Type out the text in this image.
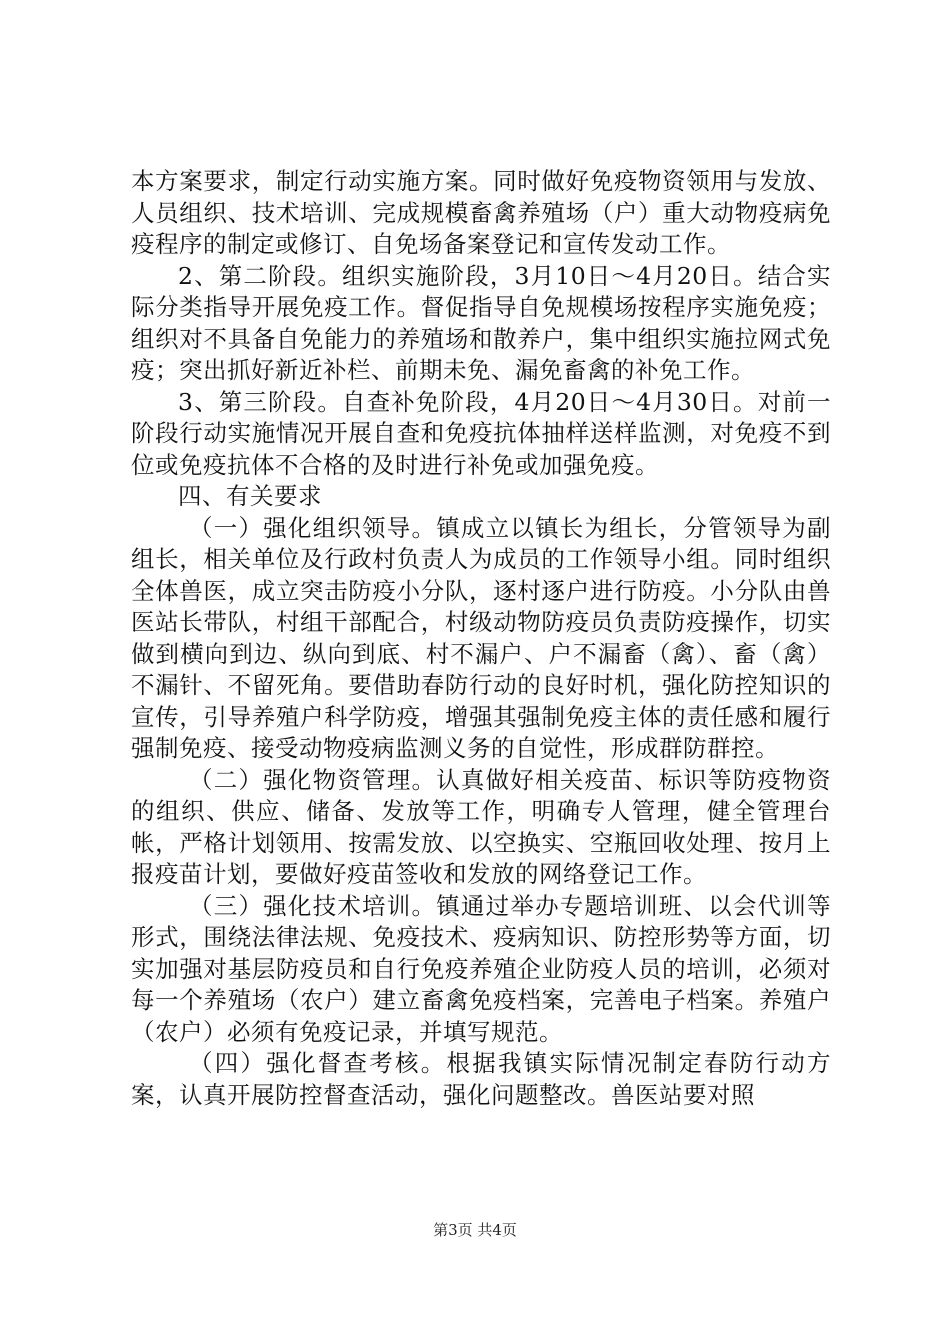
本方案要求，制定行动实施方案。同时做好免疫物资领用与发放、人员组织、技术培训、完成规模畜禽养殖场（户）重大动物疫病免疫程序的制定或修订、自免场备案登记和宣传发动工作。

2、第二阶段。组织实施阶段，3月10日～4月20日。结合实际分类指导开展免疫工作。督促指导自免规模场按程序实施免疫；组织对不具备自免能力的养殖场和散养户，集中组织实施拉网式免疫；突出抓好新近补栏、前期未免、漏免畜禽的补免工作。

3、第三阶段。自查补免阶段，4月20日～4月30日。对前一阶段行动实施情况开展自查和免疫抗体抽样送样监测，对免疫不到位或免疫抗体不合格的及时进行补免或加强免疫。

四、有关要求

（一）强化组织领导。镇成立以镇长为组长，分管领导为副组长，相关单位及行政村负责人为成员的工作领导小组。同时组织全体兽医，成立突击防疫小分队，逐村逐户进行防疫。小分队由兽医站长带队，村组干部配合，村级动物防疫员负责防疫操作，切实做到横向到边、纵向到底、村不漏户、户不漏畜（禽）、畜（禽）不漏针、不留死角。要借助春防行动的良好时机，强化防控知识的宣传，引导养殖户科学防疫，增强其强制免疫主体的责任感和履行强制免疫、接受动物疫病监测义务的自觉性，形成群防群控。

（二）强化物资管理。认真做好相关疫苗、标识等防疫物资的组织、供应、储备、发放等工作，明确专人管理，健全管理台帐，严格计划领用、按需发放、以空换实、空瓶回收处理、按月上报疫苗计划，要做好疫苗签收和发放的网络登记工作。

（三）强化技术培训。镇通过举办专题培训班、以会代训等形式，围绕法律法规、免疫技术、疫病知识、防控形势等方面，切实加强对基层防疫员和自行免疫养殖企业防疫人员的培训，必须对每一个养殖场（农户）建立畜禽免疫档案，完善电子档案。养殖户（农户）必须有免疫记录，并填写规范。

（四）强化督查考核。根据我镇实际情况制定春防行动方案，认真开展防控督查活动，强化问题整改。兽医站要对照

第3页 共4页
